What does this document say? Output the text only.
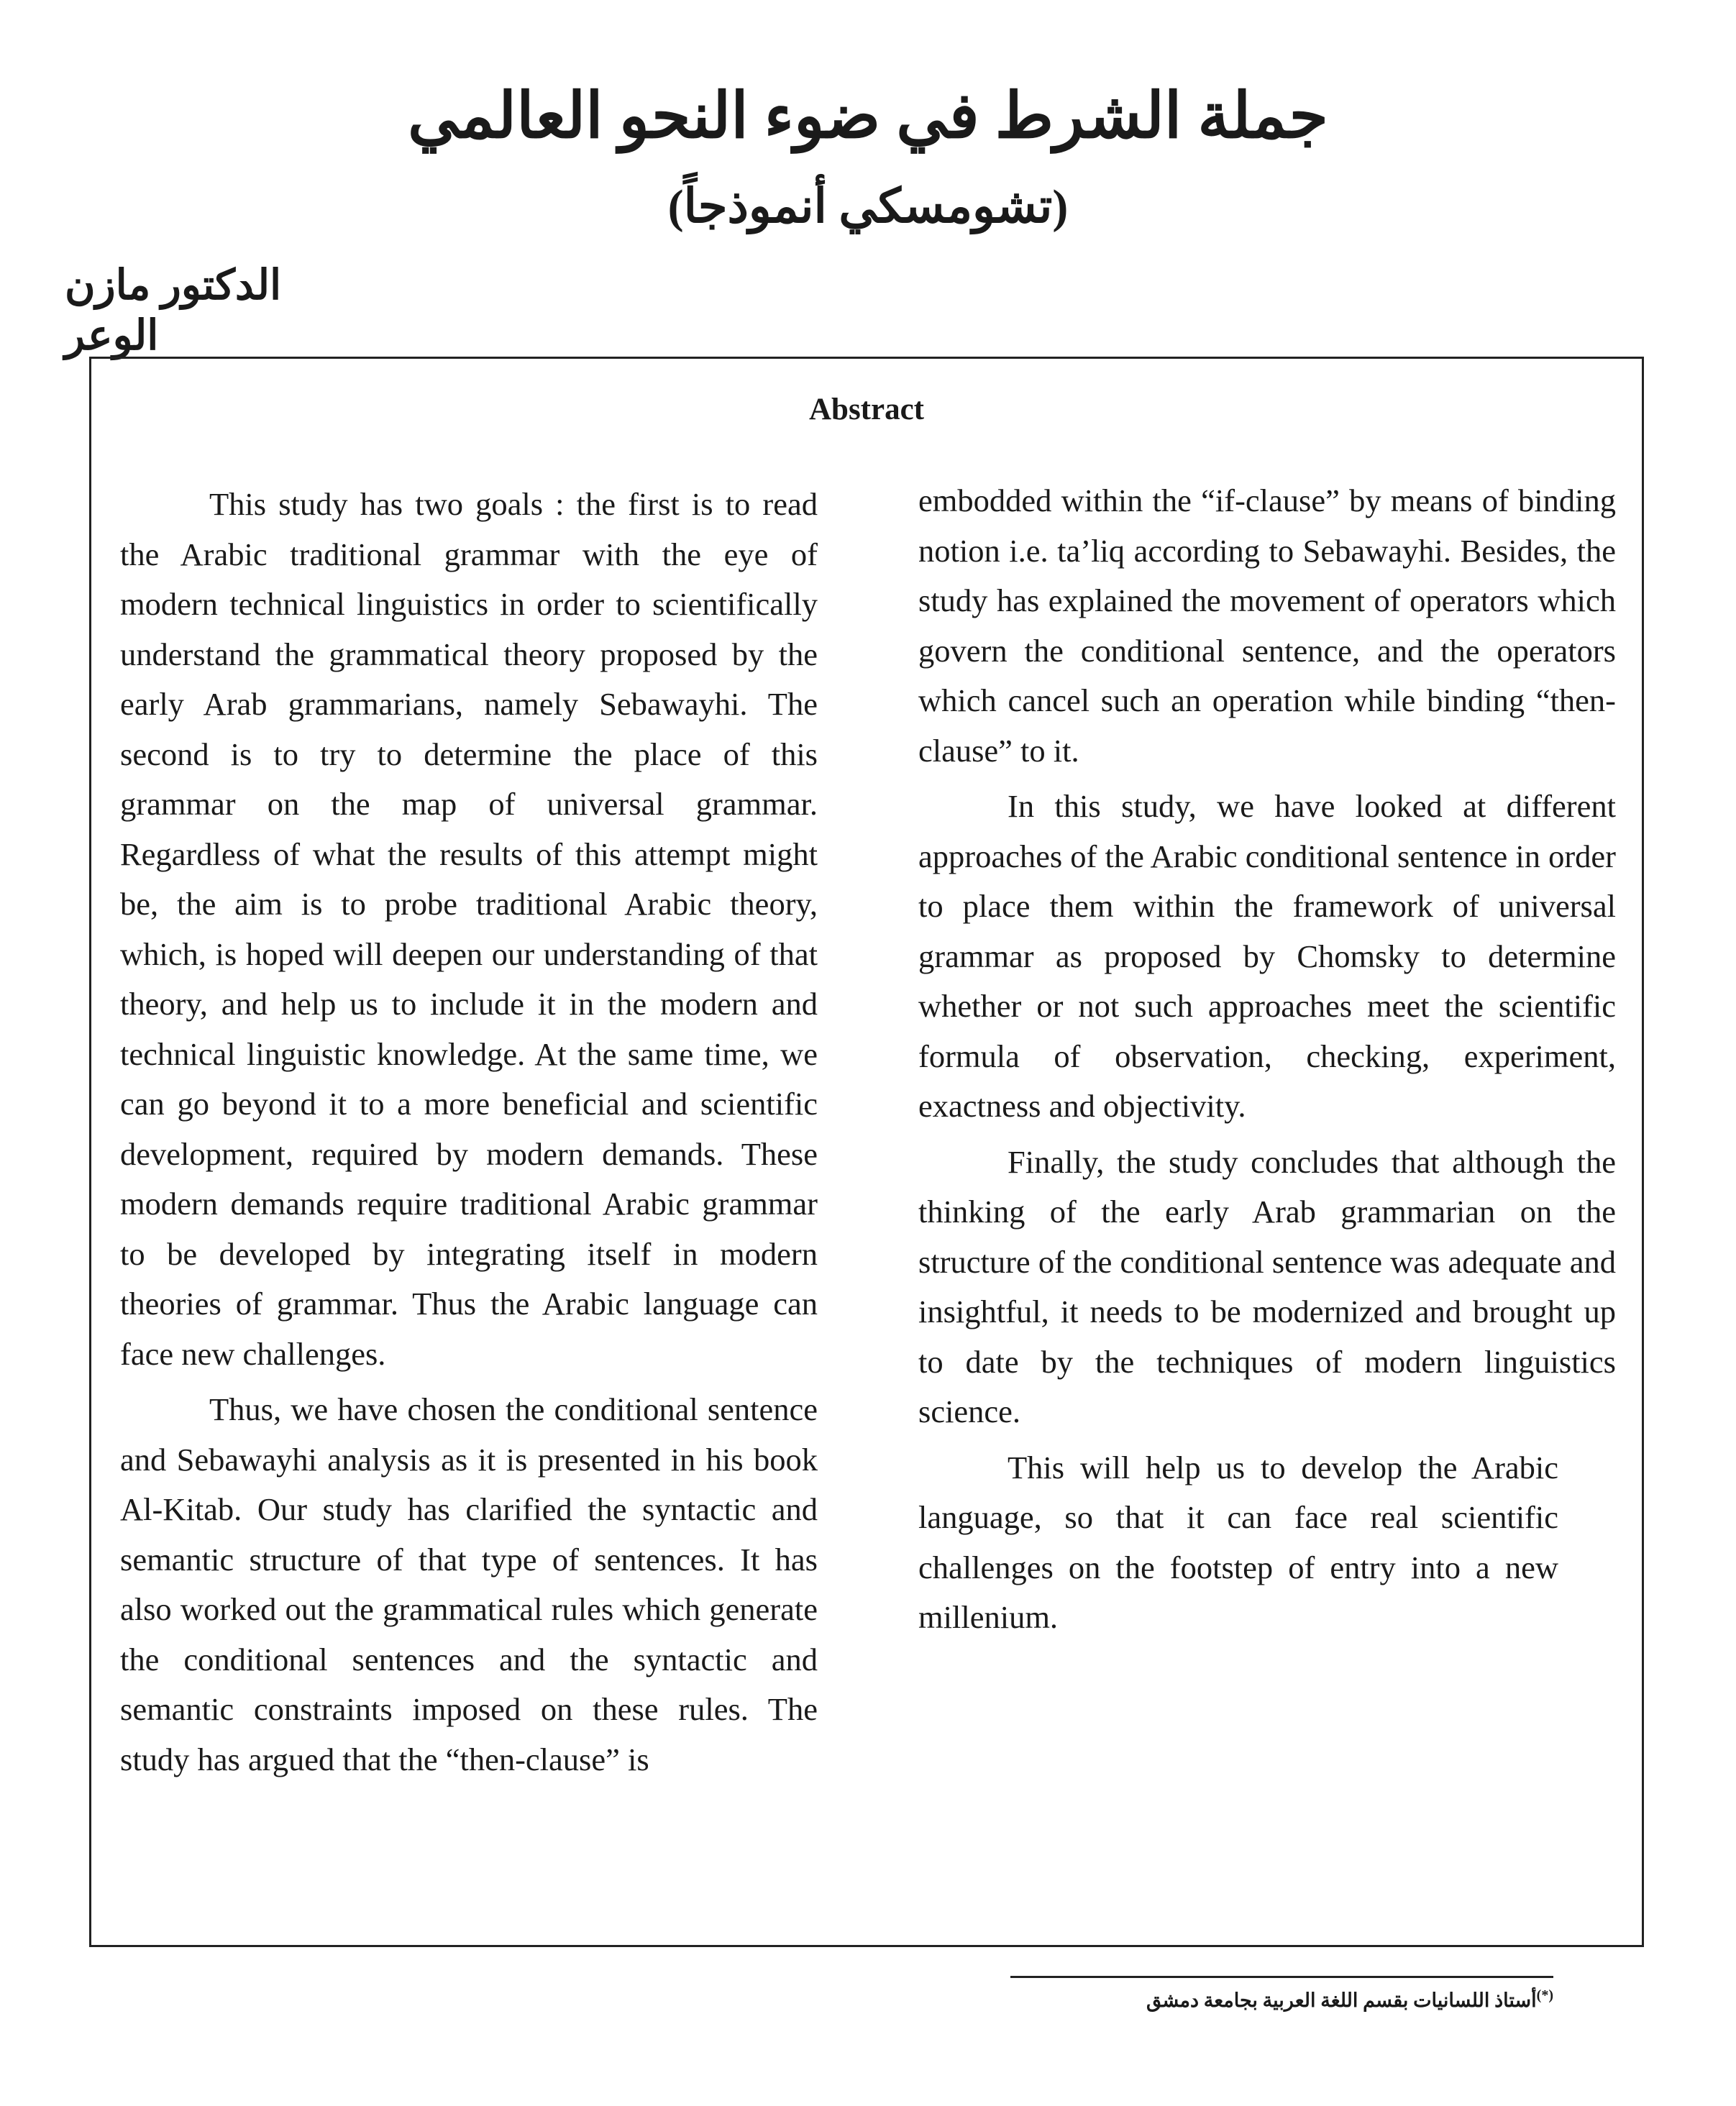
جملة الشرط في ضوء النحو العالمي
(تشومسكي أنموذجاً)
الدكتور مازن الوعر
Abstract

This study has two goals : the first is to read the Arabic traditional grammar with the eye of modern technical linguistics in order to scientifically understand the grammatical theory proposed by the early Arab grammarians, namely Sebawayhi. The second is to try to determine the place of this grammar on the map of universal grammar. Regardless of what the results of this attempt might be, the aim is to probe traditional Arabic theory, which, is hoped will deepen our understanding of that theory, and help us to include it in the modern and technical linguistic knowledge. At the same time, we can go beyond it to a more beneficial and scientific development, required by modern demands. These modern demands require traditional Arabic grammar to be developed by integrating itself in modern theories of grammar. Thus the Arabic language can face new challenges.

Thus, we have chosen the conditional sentence and Sebawayhi analysis as it is presented in his book Al-Kitab. Our study has clarified the syntactic and semantic structure of that type of sentences. It has also worked out the grammatical rules which generate the conditional sentences and the syntactic and semantic constraints imposed on these rules. The study has argued that the “then-clause” is

embodded within the “if-clause” by means of binding notion i.e. ta’liq according to Sebawayhi. Besides, the study has explained the movement of operators which govern the conditional sentence, and the operators which cancel such an operation while binding “then-clause” to it.

In this study, we have looked at different approaches of the Arabic conditional sentence in order to place them within the framework of universal grammar as proposed by Chomsky to determine whether or not such approaches meet the scientific formula of observation, checking, experiment, exactness and objectivity.

Finally, the study concludes that although the thinking of the early Arab grammarian on the structure of the conditional sentence was adequate and insightful, it needs to be modernized and brought up to date by the techniques of modern linguistics science.

This will help us to develop the Arabic language, so that it can face real scientific challenges on the footstep of entry into a new millenium.

(*)أستاذ اللسانيات بقسم اللغة العربية بجامعة دمشق
